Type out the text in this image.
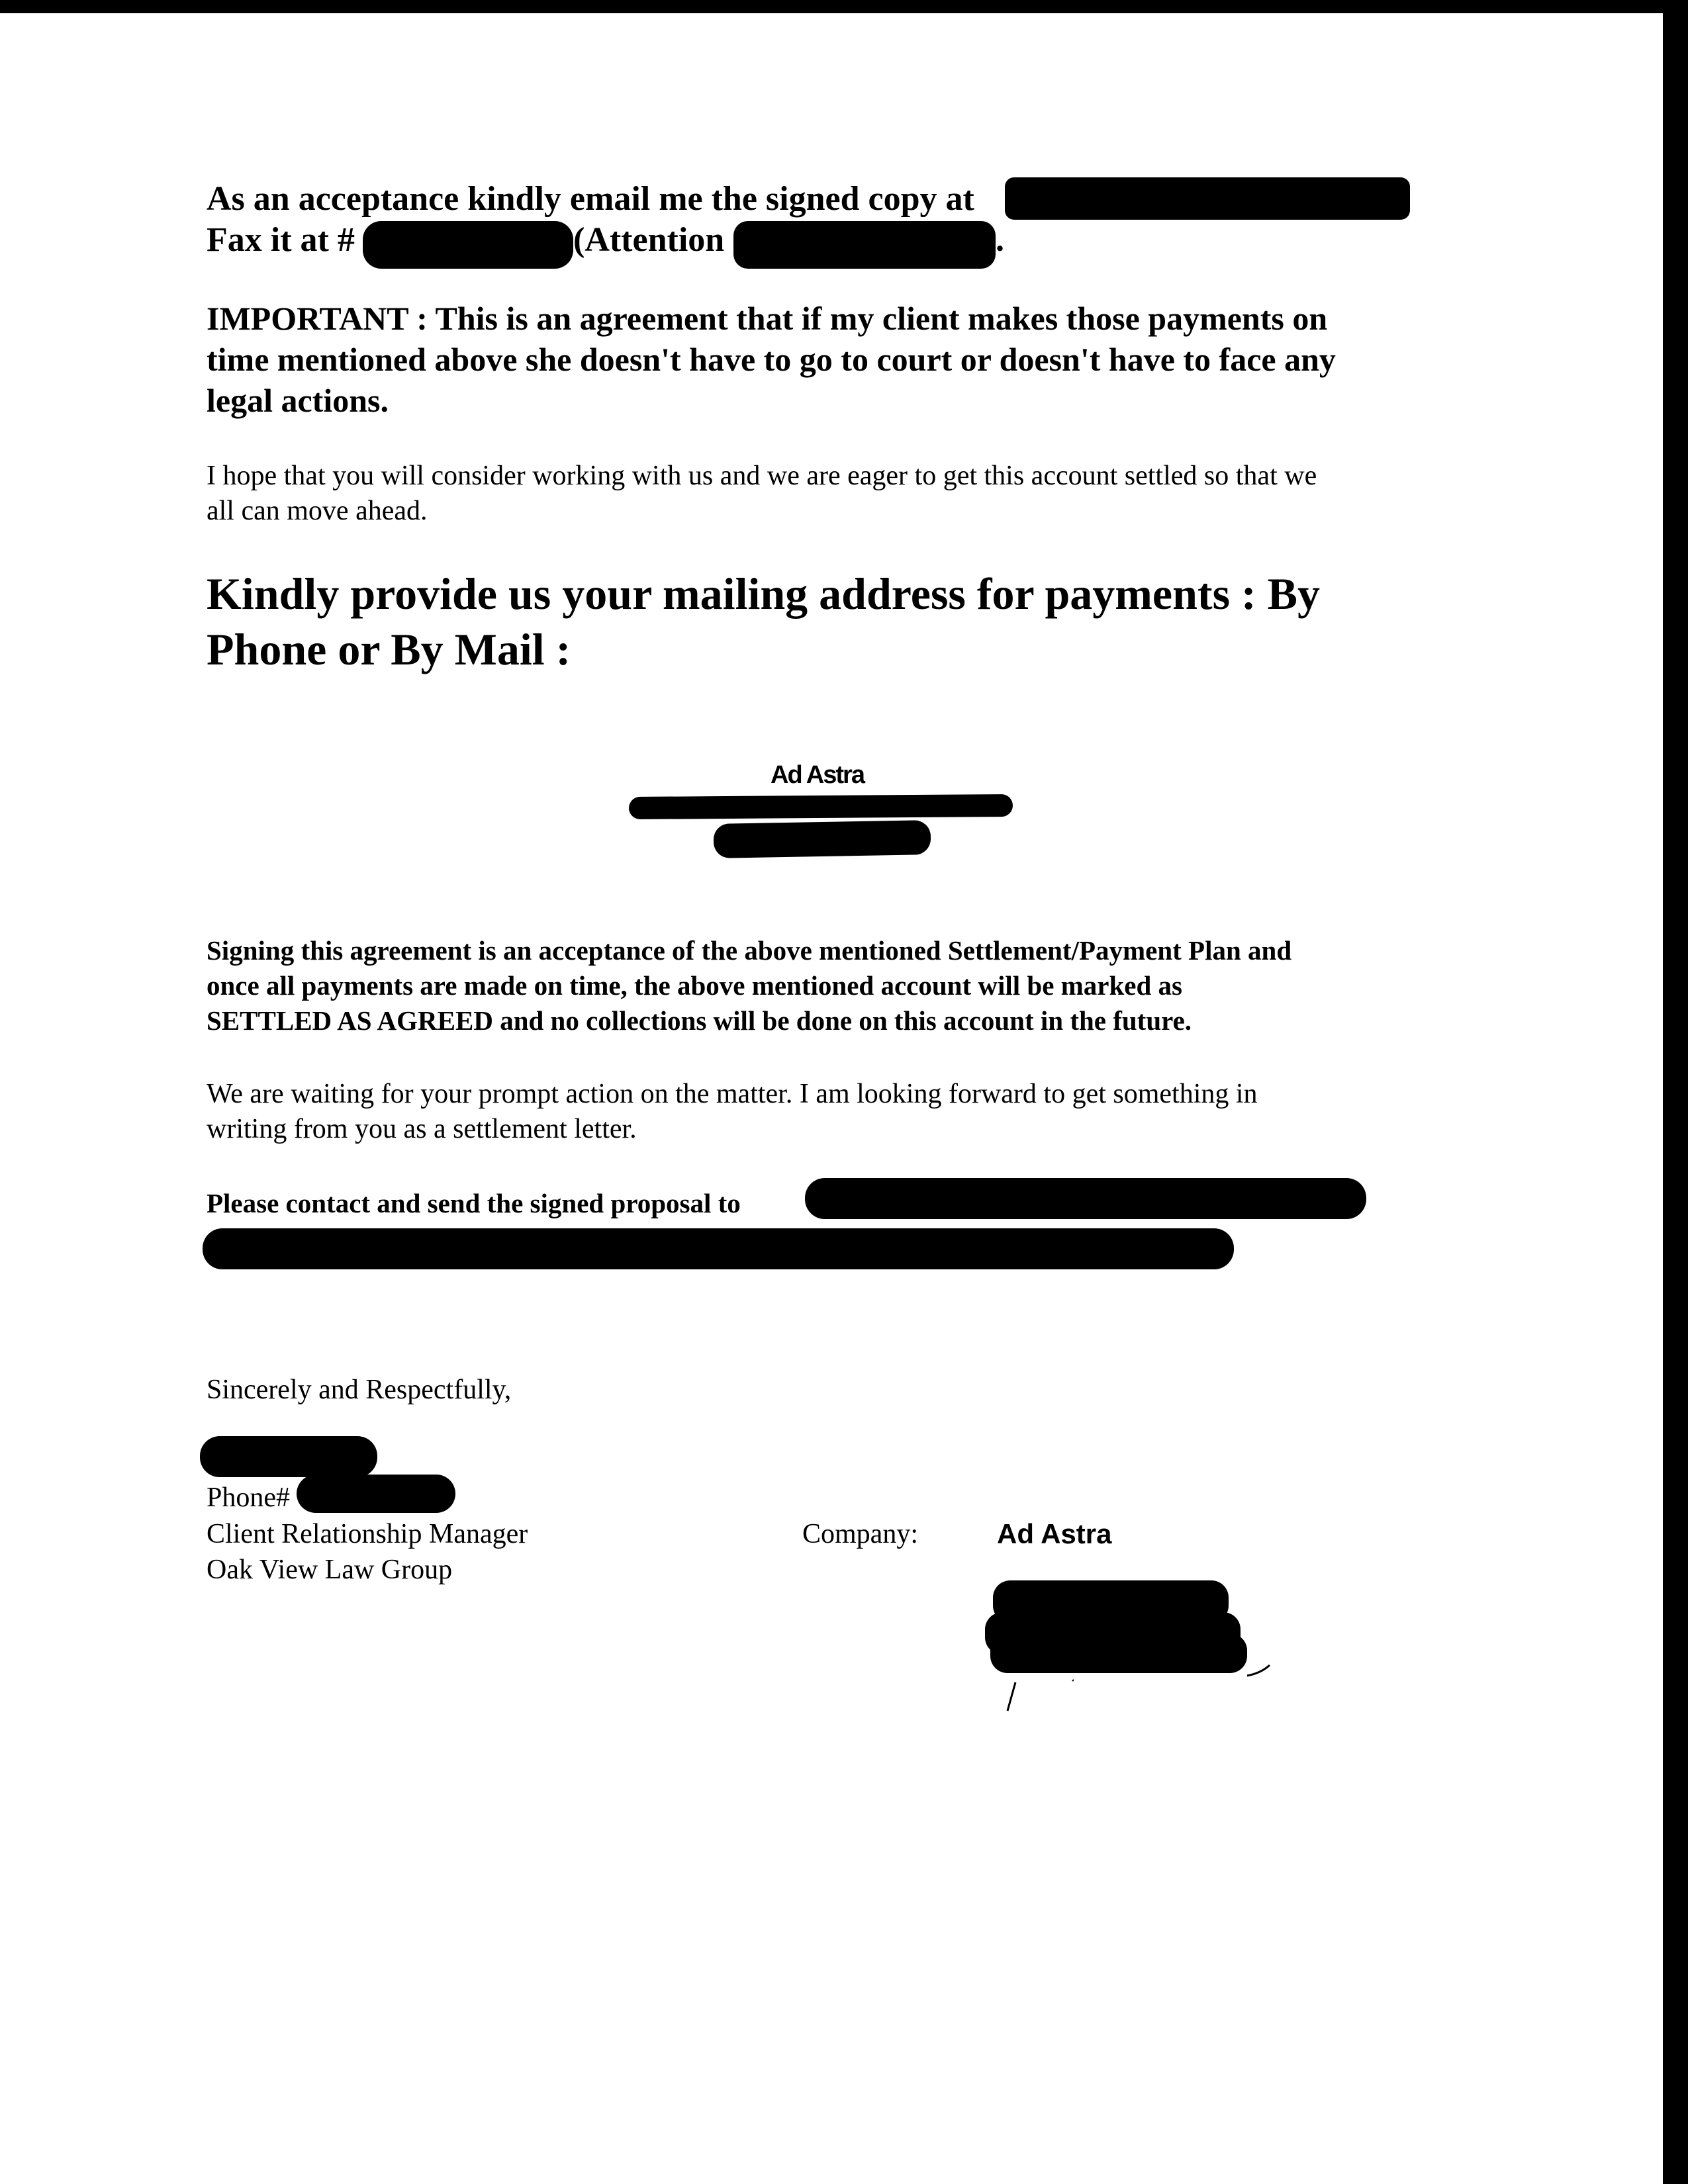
As an acceptance kindly email me the signed copy at
Fax it at #	(Attention	.
IMPORTANT : This is an agreement that if my client makes those payments on
time mentioned above she doesn't have to go to court or doesn't have to face any
legal actions.
I hope that you will consider working with us and we are eager to get this account settled so that we
all can move ahead.
Kindly provide us your mailing address for payments : By
Phone or By Mail :
Ad Astra
Signing this agreement is an acceptance of the above mentioned Settlement/Payment Plan and
once all payments are made on time, the above mentioned account will be marked as
SETTLED AS AGREED and no collections will be done on this account in the future.
We are waiting for your prompt action on the matter. I am looking forward to get something in
writing from you as a settlement letter.
Please contact and send the signed proposal to
Sincerely and Respectfully,
Phone#
Client Relationship Manager
Oak View Law Group
Company:	Ad Astra
